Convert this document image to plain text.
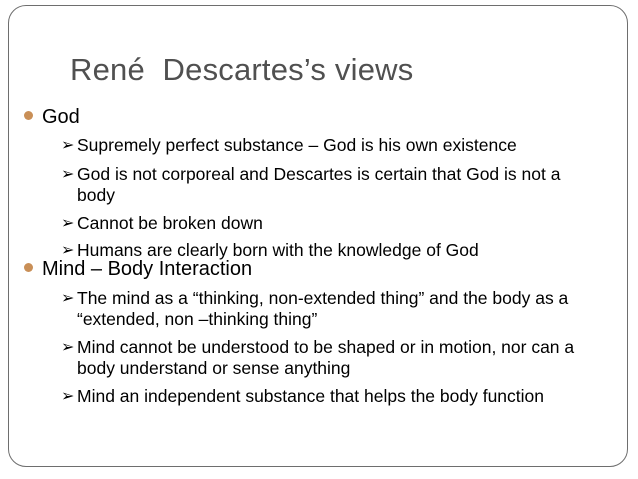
René  Descartes’s views
God
➢ Supremely perfect substance – God is his own existence
➢ God is not corporeal and Descartes is certain that God is not a body
➢ Cannot be broken down
➢ Humans are clearly born with the knowledge of God
Mind – Body Interaction
➢ The mind as a “thinking, non-extended thing” and the body as a “extended, non –thinking thing”
➢ Mind cannot be understood to be shaped or in motion, nor can a body understand or sense anything
➢ Mind an independent substance that helps the body function
